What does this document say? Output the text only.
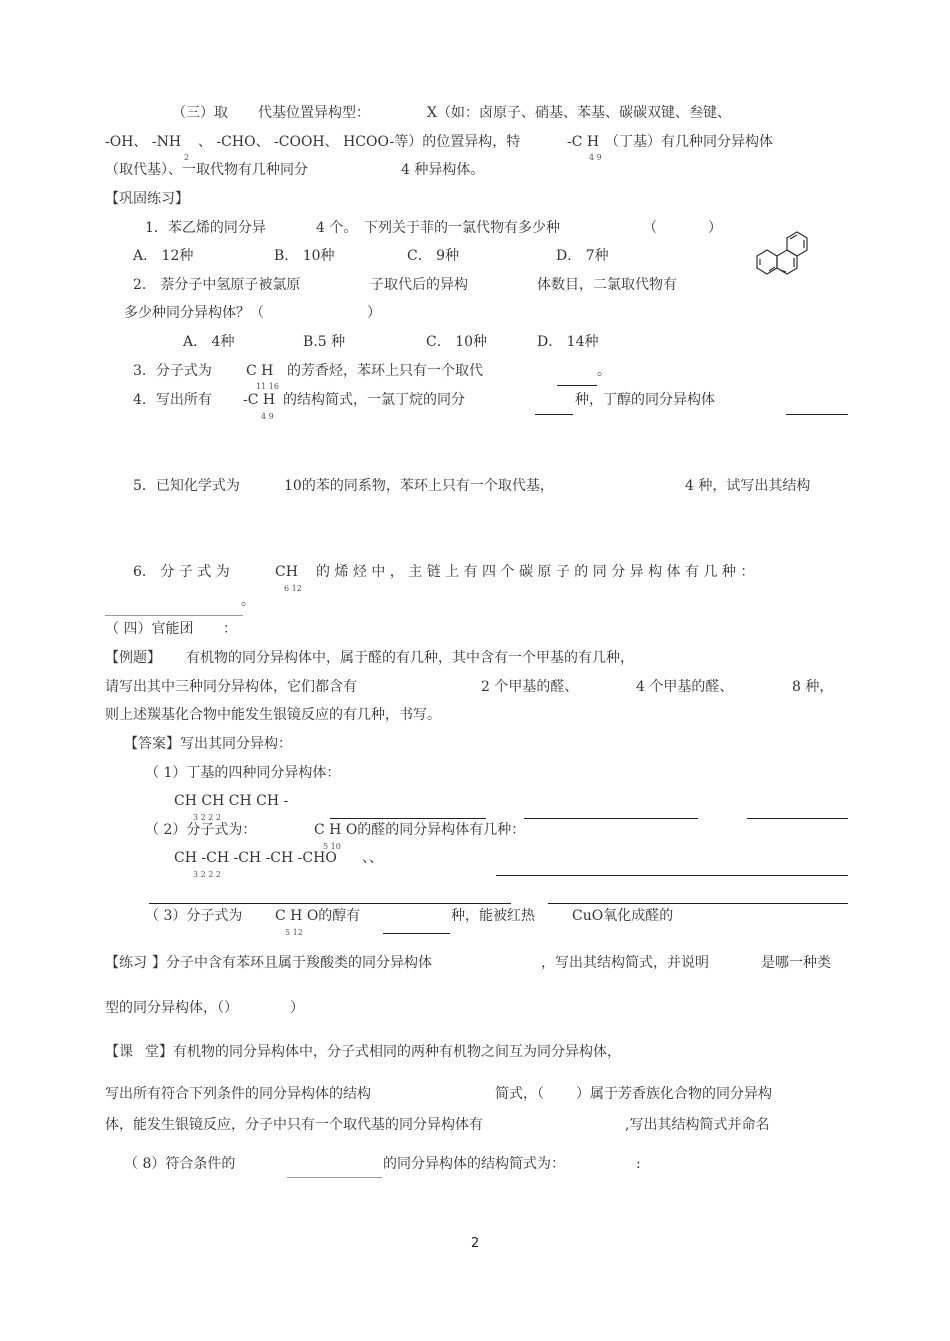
（三）取 代基位置异构型：	X（如：卤原子、硝基、苯基、碳碳双键、叁键、
-OH、 -NH 、 -CHO、 -COOH、 HCOO-等）的位置异构，特	-C H （丁基）有几种同分异构体
（取代基）、一取代物有几种同分	4 种异构体。
【巩固练习】
1．苯乙烯的同分异	4 个。 下列关于菲的一氯代物有多少种	（	）
A． 12种	B． 10种	C． 9种	D． 7种
2． 萘分子中氢原子被氯原	子取代后的异构	体数目，二氯取代物有
多少种同分异构体？（	）
A． 4种	B.5 种	C． 10种	D． 14种
3．分子式为 C H 的芳香烃，苯环上只有一个取代	。
4．写出所有 -C H 的结构简式，一氯丁烷的同分	种，丁醇的同分异构体
5．已知化学式为	10的苯的同系物，苯环上只有一个取代基，	4 种，试写出其结构
6． 分 子 式 为	CH 的 烯 烃 中 ， 主 链 上 有 四 个 碳 原 子 的 同 分 异 构 体 有 几 种 ：
。
（ 四）官能团 ：
【例题】 有机物的同分异构体中，属于醛的有几种，其中含有一个甲基的有几种，
请写出其中三种同分异构体，它们都含有	2 个甲基的醛、	4 个甲基的醛、	8 种，
则上述羰基化合物中能发生银镜反应的有几种，书写。
【答案】写出其同分异构：
（ 1）丁基的四种同分异构体：
CH CH CH CH -
（ 2）分子式为：	C H O的醛的同分异构体有几种：
CH -CH -CH -CH -CHO 、、
（ 3）分子式为 C H O的醇有	种，能被红热	CuO氧化成醛的
【练习 】分子中含有苯环且属于羧酸类的同分异构体	，写出其结构简式，并说明	是哪一种类
型的同分异构体，（）	）
【课 堂】有机物的同分异构体中，分子式相同的两种有机物之间互为同分异构体，
写出所有符合下列条件的同分异构体的结构	简式，（ ）属于芳香族化合物的同分异构
体，能发生银镜反应，分子中只有一个取代基的同分异构体有	,写出其结构简式并命名
（ 8）符合条件的	的同分异构体的结构简式为：	:
2	4 9
11 16
4 9
6 12
3 2 2 2
5 10
3 2 2 2
5 12
2
